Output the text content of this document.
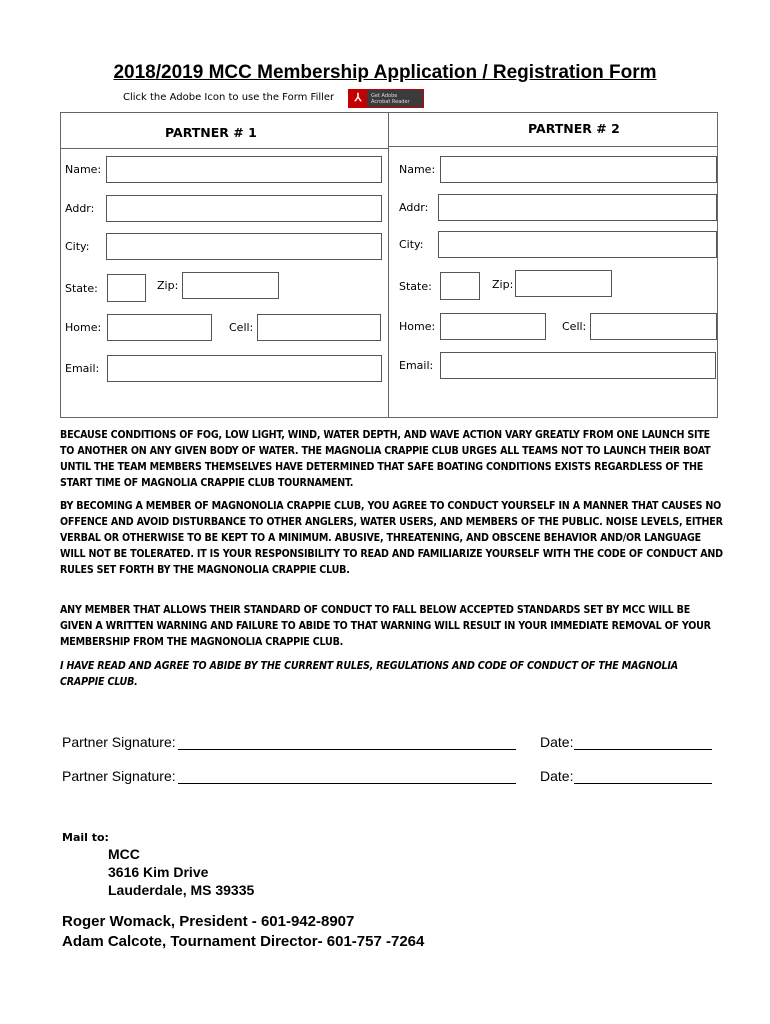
2018/2019 MCC Membership Application / Registration Form
Click the Adobe Icon to use the Form Filler ⅄ Get Adobe
Acrobat Reader
PARTNER # 1
Name:
Addr:
City:
State:	Zip:
Home:	Cell:
Email:
PARTNER # 2
Name:
Addr:
City:
State:	Zip:
Home:	Cell:
Email:
BECAUSE CONDITIONS OF FOG, LOW LIGHT, WIND, WATER DEPTH, AND WAVE ACTION VARY GREATLY FROM ONE LAUNCH SITE TO ANOTHER ON ANY GIVEN BODY OF WATER. THE MAGNOLIA CRAPPIE CLUB URGES ALL TEAMS NOT TO LAUNCH THEIR BOAT UNTIL THE TEAM MEMBERS THEMSELVES HAVE DETERMINED THAT SAFE BOATING CONDITIONS EXISTS REGARDLESS OF THE START TIME OF MAGNOLIA CRAPPIE CLUB TOURNAMENT.
BY BECOMING A MEMBER OF MAGNONOLIA CRAPPIE CLUB, YOU AGREE TO CONDUCT YOURSELF IN A MANNER THAT CAUSES NO OFFENCE AND AVOID DISTURBANCE TO OTHER ANGLERS, WATER USERS, AND MEMBERS OF THE PUBLIC. NOISE LEVELS, EITHER VERBAL OR OTHERWISE TO BE KEPT TO A MINIMUM. ABUSIVE, THREATENING, AND OBSCENE BEHAVIOR AND/OR LANGUAGE WILL NOT BE TOLERATED. IT IS YOUR RESPONSIBILITY TO READ AND FAMILIARIZE YOURSELF WITH THE CODE OF CONDUCT AND RULES SET FORTH BY THE MAGNONOLIA CRAPPIE CLUB.
ANY MEMBER THAT ALLOWS THEIR STANDARD OF CONDUCT TO FALL BELOW ACCEPTED STANDARDS SET BY MCC WILL BE GIVEN A WRITTEN WARNING AND FAILURE TO ABIDE TO THAT WARNING WILL RESULT IN YOUR IMMEDIATE REMOVAL OF YOUR MEMBERSHIP FROM THE MAGNONOLIA CRAPPIE CLUB.
I HAVE READ AND AGREE TO ABIDE BY THE CURRENT RULES, REGULATIONS AND CODE OF CONDUCT OF THE MAGNOLIA CRAPPIE CLUB.
Partner Signature:	Date:
Partner Signature:	Date:
Mail to:
MCC
3616 Kim Drive
Lauderdale, MS 39335
Roger Womack, President - 601-942-8907
Adam Calcote, Tournament Director- 601-757 -7264
